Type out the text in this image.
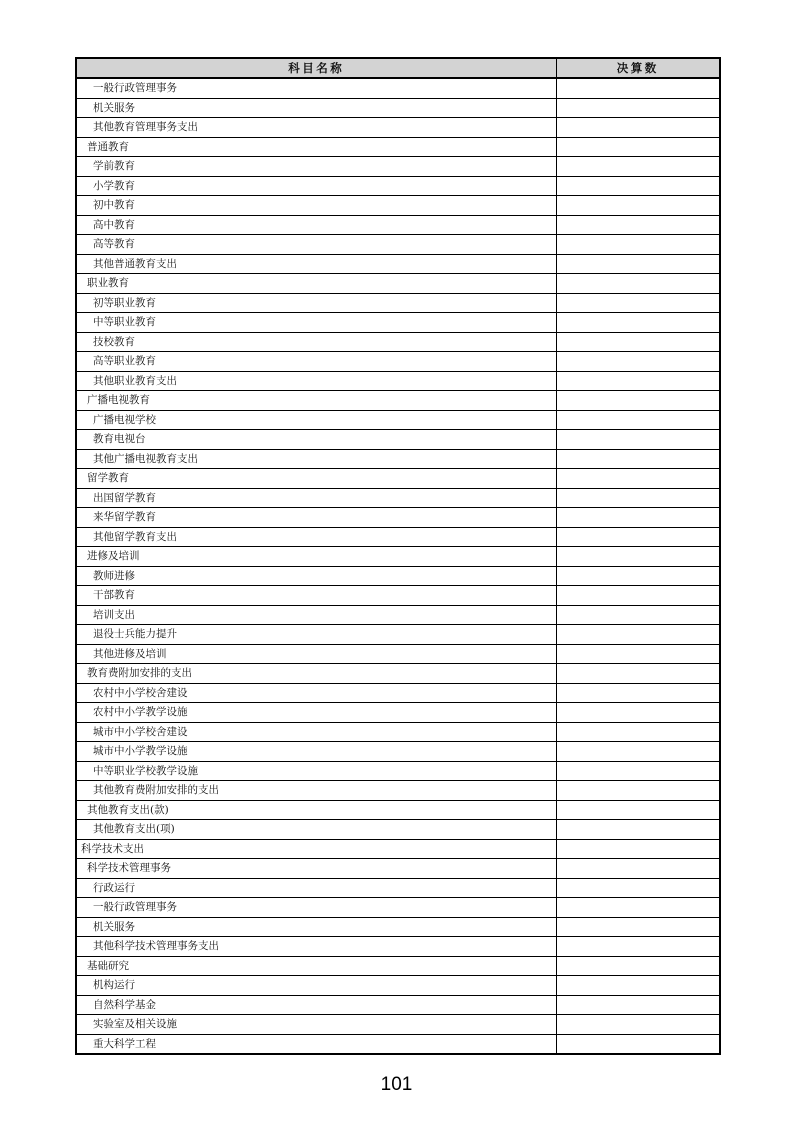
科目名称	决算数
一般行政管理事务	
机关服务	
其他教育管理事务支出	
普通教育	
学前教育	
小学教育	
初中教育	
高中教育	
高等教育	
其他普通教育支出	
职业教育	
初等职业教育	
中等职业教育	
技校教育	
高等职业教育	
其他职业教育支出	
广播电视教育	
广播电视学校	
教育电视台	
其他广播电视教育支出	
留学教育	
出国留学教育	
来华留学教育	
其他留学教育支出	
进修及培训	
教师进修	
干部教育	
培训支出	
退役士兵能力提升	
其他进修及培训	
教育费附加安排的支出	
农村中小学校舍建设	
农村中小学教学设施	
城市中小学校舍建设	
城市中小学教学设施	
中等职业学校教学设施	
其他教育费附加安排的支出	
其他教育支出(款)	
其他教育支出(项)	
科学技术支出	
科学技术管理事务	
行政运行	
一般行政管理事务	
机关服务	
其他科学技术管理事务支出	
基础研究	
机构运行	
自然科学基金	
实验室及相关设施	
重大科学工程	
101
